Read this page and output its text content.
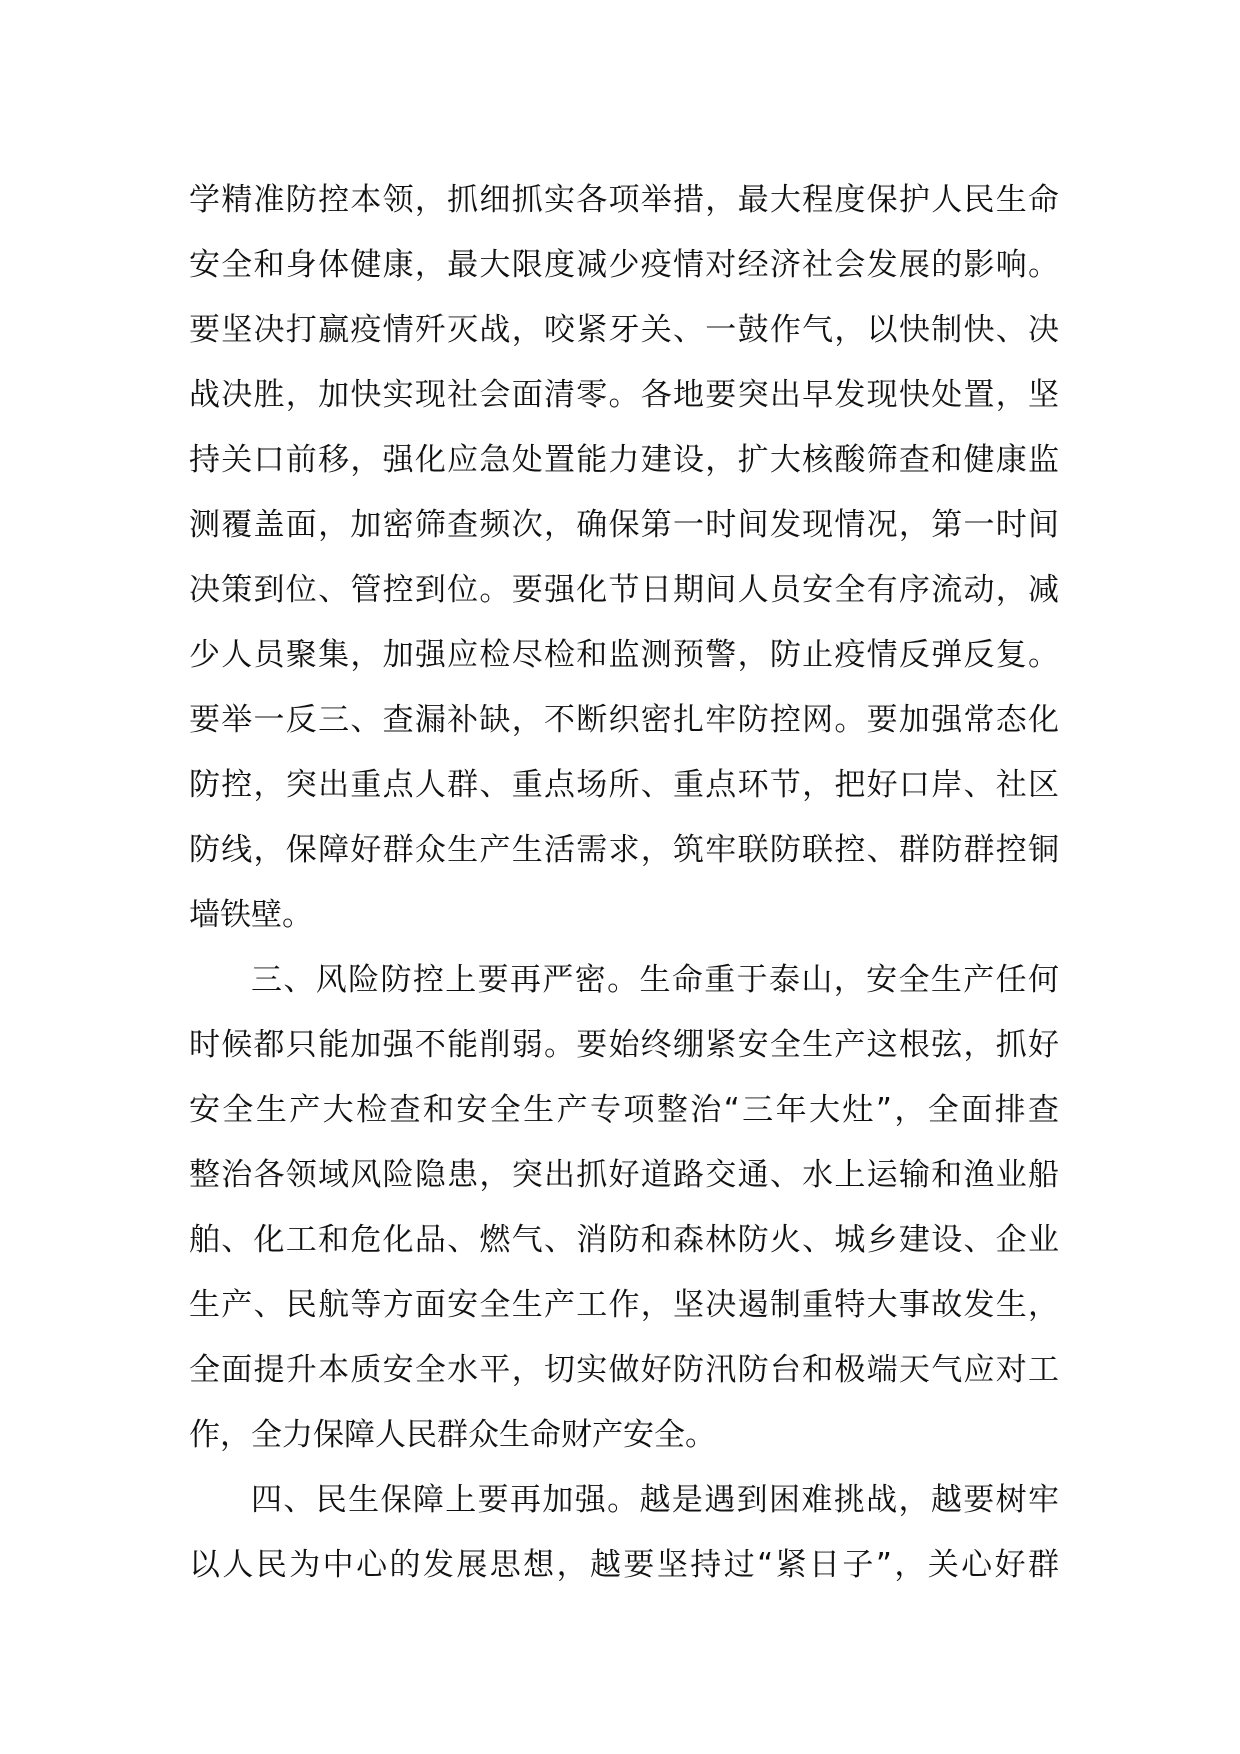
学精准防控本领，抓细抓实各项举措，最大程度保护人民生命
安全和身体健康，最大限度减少疫情对经济社会发展的影响。
要坚决打赢疫情歼灭战，咬紧牙关、一鼓作气，以快制快、决
战决胜，加快实现社会面清零。各地要突出早发现快处置，坚
持关口前移，强化应急处置能力建设，扩大核酸筛查和健康监
测覆盖面，加密筛查频次，确保第一时间发现情况，第一时间
决策到位、管控到位。要强化节日期间人员安全有序流动，减
少人员聚集，加强应检尽检和监测预警，防止疫情反弹反复。
要举一反三、查漏补缺，不断织密扎牢防控网。要加强常态化
防控，突出重点人群、重点场所、重点环节，把好口岸、社区
防线，保障好群众生产生活需求，筑牢联防联控、群防群控铜
墙铁壁。
三、风险防控上要再严密。生命重于泰山，安全生产任何
时候都只能加强不能削弱。要始终绷紧安全生产这根弦，抓好
安全生产大检查和安全生产专项整治“三年大灶”，全面排查
整治各领域风险隐患，突出抓好道路交通、水上运输和渔业船
舶、化工和危化品、燃气、消防和森林防火、城乡建设、企业
生产、民航等方面安全生产工作，坚决遏制重特大事故发生，
全面提升本质安全水平，切实做好防汛防台和极端天气应对工
作，全力保障人民群众生命财产安全。
四、民生保障上要再加强。越是遇到困难挑战，越要树牢
以人民为中心的发展思想，越要坚持过“紧日子”，关心好群
